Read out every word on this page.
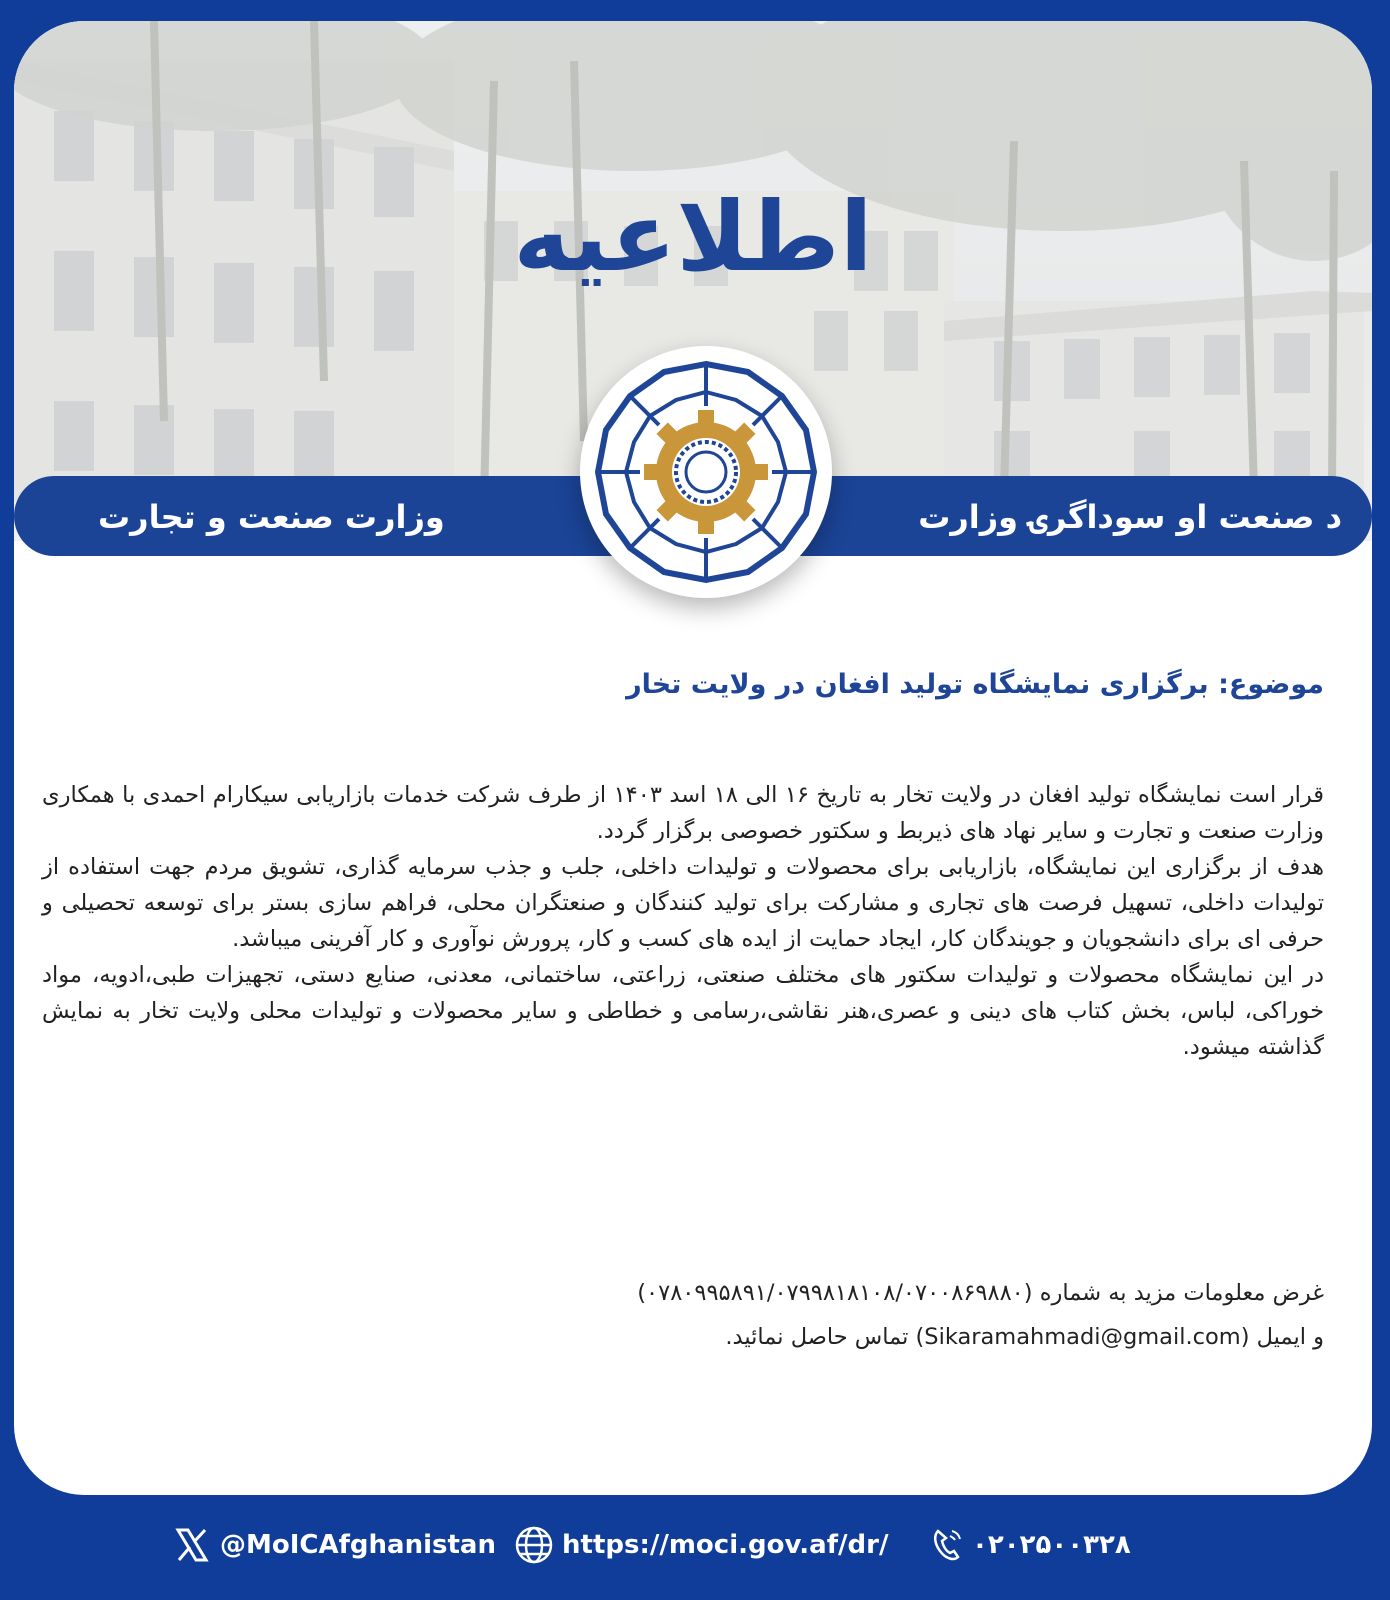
اطلاعیه
د صنعت او سوداگرۍ وزارت
وزارت صنعت و تجارت
موضوع: برگزاری نمایشگاه تولید افغان در ولایت تخار

قرار است نمایشگاه تولید افغان در ولایت تخار به تاریخ ۱۶ الی ۱۸ اسد ۱۴۰۳ از طرف شرکت خدمات بازاریابی سیکارام احمدی با همکاری وزارت صنعت و تجارت و سایر نهاد های ذیربط و سکتور خصوصی برگزار گردد.

هدف از برگزاری این نمایشگاه، بازاریابی برای محصولات و تولیدات داخلی، جلب و جذب سرمایه گذاری، تشویق مردم جهت استفاده از تولیدات داخلی، تسهیل فرصت های تجاری و مشارکت برای تولید کنندگان و صنعتگران محلی، فراهم سازی بستر برای توسعه تحصیلی و حرفی ای برای دانشجویان و جویندگان کار، ایجاد حمایت از ایده های کسب و کار، پرورش نوآوری و کار آفرینی میباشد.

در این نمایشگاه محصولات و تولیدات سکتور های مختلف صنعتی، زراعتی، ساختمانی، معدنی، صنایع دستی، تجهیزات طبی،ادویه، مواد خوراکی، لباس، بخش کتاب های دینی و عصری،هنر نقاشی،رسامی و خطاطی و سایر محصولات و تولیدات محلی ولایت تخار به نمایش گذاشته میشود.

غرض معلومات مزید به شماره (۰۷۸۰۹۹۵۸۹۱/۰۷۹۹۸۱۸۱۰۸/۰۷۰۰۸۶۹۸۸۰)
و ایمیل (Sikaramahmadi@gmail.com) تماس حاصل نمائید.
@MoICAfghanistan	https://moci.gov.af/dr/	۰۲۰۲۵۰۰۳۲۸
